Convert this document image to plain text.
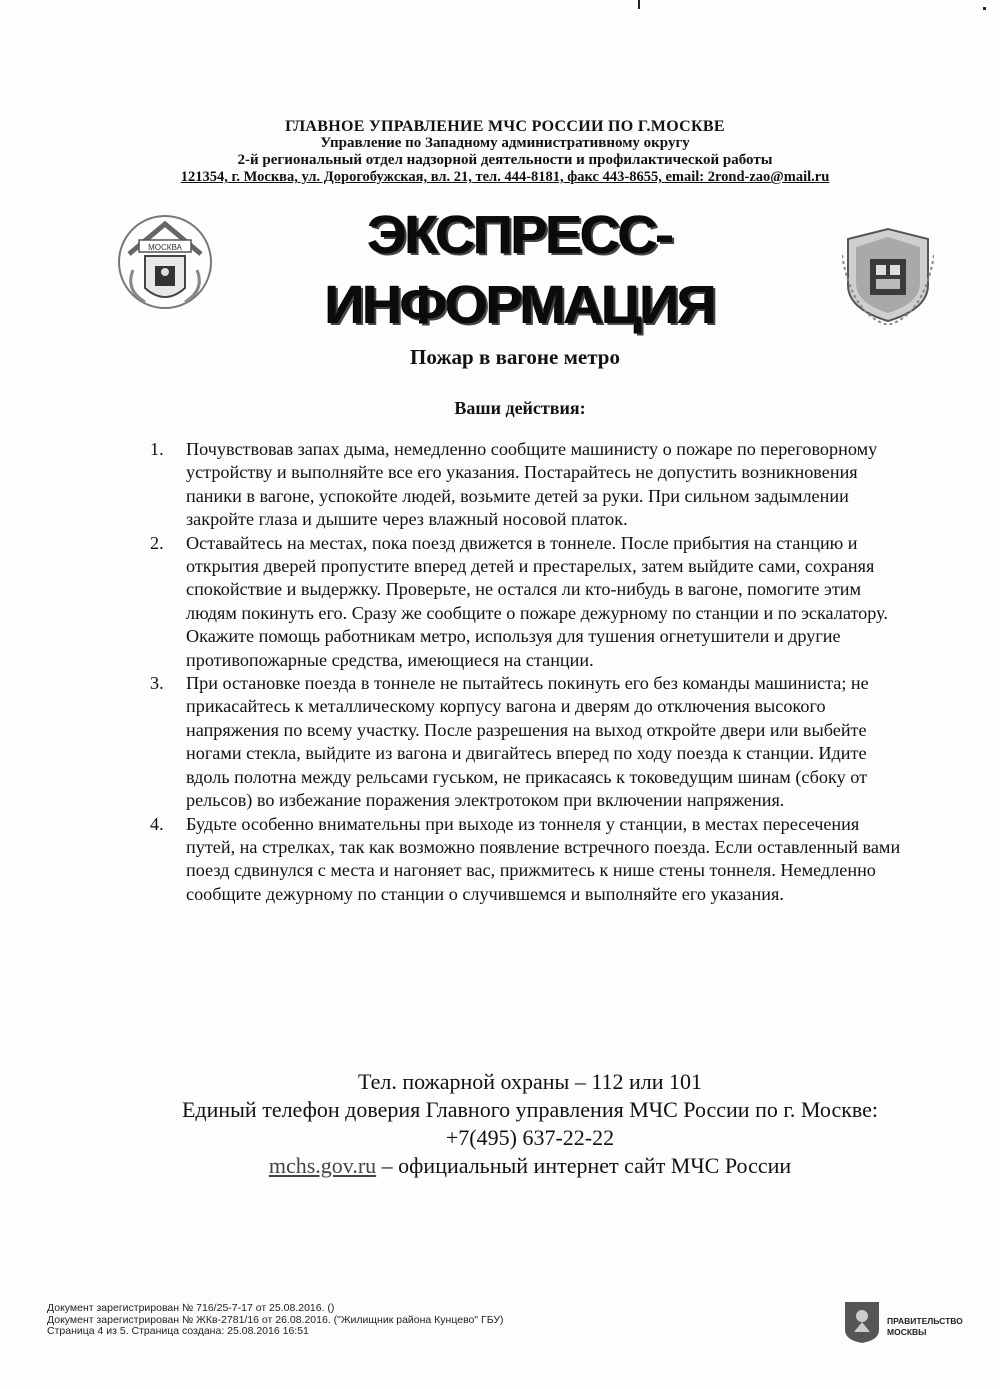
ГЛАВНОЕ УПРАВЛЕНИЕ МЧС РОССИИ ПО Г.МОСКВЕ
Управление по Западному административному округу
2-й региональный отдел надзорной деятельности и профилактической работы
121354, г. Москва, ул. Дорогобужская, вл. 21, тел. 444-8181, факс 443-8655, email: 2rond-zao@mail.ru
МОСКВА	ЭКСПРЕСС-ИНФОРМАЦИЯ
Пожар в вагоне метро
Ваши действия:
1. Почувствовав запах дыма, немедленно сообщите машинисту о пожаре по переговорному устройству и выполняйте все его указания. Постарайтесь не допустить возникновения паники в вагоне, успокойте людей, возьмите детей за руки. При сильном задымлении закройте глаза и дышите через влажный носовой платок.
2. Оставайтесь на местах, пока поезд движется в тоннеле. После прибытия на станцию и открытия дверей пропустите вперед детей и престарелых, затем выйдите сами, сохраняя спокойствие и выдержку. Проверьте, не остался ли кто-нибудь в вагоне, помогите этим людям покинуть его. Сразу же сообщите о пожаре дежурному по станции и по эскалатору. Окажите помощь работникам метро, используя для тушения огнетушители и другие противопожарные средства, имеющиеся на станции.
3. При остановке поезда в тоннеле не пытайтесь покинуть его без команды машиниста; не прикасайтесь к металлическому корпусу вагона и дверям до отключения высокого напряжения по всему участку. После разрешения на выход откройте двери или выбейте ногами стекла, выйдите из вагона и двигайтесь вперед по ходу поезда к станции. Идите вдоль полотна между рельсами гуськом, не прикасаясь к токоведущим шинам (сбоку от рельсов) во избежание поражения электротоком при включении напряжения.
4. Будьте особенно внимательны при выходе из тоннеля у станции, в местах пересечения путей, на стрелках, так как возможно появление встречного поезда. Если оставленный вами поезд сдвинулся с места и нагоняет вас, прижмитесь к нише стены тоннеля. Немедленно сообщите дежурному по станции о случившемся и выполняйте его указания.
Тел. пожарной охраны – 112 или 101
Единый телефон доверия Главного управления МЧС России по г. Москве: +7(495) 637-22-22
mchs.gov.ru – официальный интернет сайт МЧС России
Документ зарегистрирован № 716/25-7-17 от 25.08.2016. ()
Документ зарегистрирован № ЖКв-2781/16 от 26.08.2016. ("Жилищник района Кунцево" ГБУ)
Страница 4 из 5. Страница создана: 25.08.2016 16:51
ПРАВИТЕЛЬСТВО
МОСКВЫ
